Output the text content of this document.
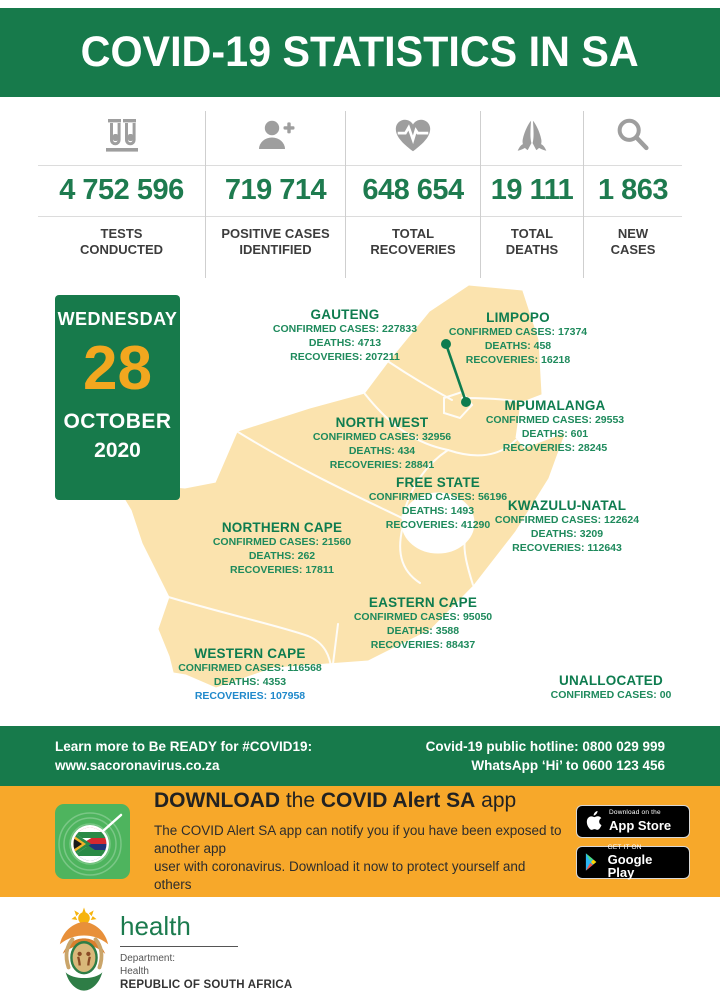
COVID-19 STATISTICS IN SA
4 752 596
TESTS
CONDUCTED
719 714
POSITIVE CASES
IDENTIFIED
648 654
TOTAL
RECOVERIES
19 111
TOTAL
DEATHS
1 863
NEW
CASES
WEDNESDAY
28
OCTOBER
2020
GAUTENG
CONFIRMED CASES: 227833
DEATHS: 4713
RECOVERIES: 207211
LIMPOPO
CONFIRMED CASES: 17374
DEATHS: 458
RECOVERIES: 16218
MPUMALANGA
CONFIRMED CASES: 29553
DEATHS: 601
RECOVERIES: 28245
NORTH WEST
CONFIRMED CASES: 32956
DEATHS: 434
RECOVERIES: 28841
FREE STATE
CONFIRMED CASES: 56196
DEATHS: 1493
RECOVERIES: 41290
KWAZULU-NATAL
CONFIRMED CASES: 122624
DEATHS: 3209
RECOVERIES: 112643
NORTHERN CAPE
CONFIRMED CASES: 21560
DEATHS: 262
RECOVERIES: 17811
EASTERN CAPE
CONFIRMED CASES: 95050
DEATHS: 3588
RECOVERIES: 88437
WESTERN CAPE
CONFIRMED CASES: 116568
DEATHS: 4353
RECOVERIES: 107958
UNALLOCATED
CONFIRMED CASES: 00
Learn more to Be READY for #COVID19:
www.sacoronavirus.co.za
Covid-19 public hotline: 0800 029 999
WhatsApp ‘Hi’ to 0600 123 456
DOWNLOAD the COVID Alert SA app
The COVID Alert SA app can notify you if you have been exposed to another app
user with coronavirus. Download it now to protect yourself and others
Download on the
App Store
GET IT ON
Google Play
health
Department:
Health
REPUBLIC OF SOUTH AFRICA
